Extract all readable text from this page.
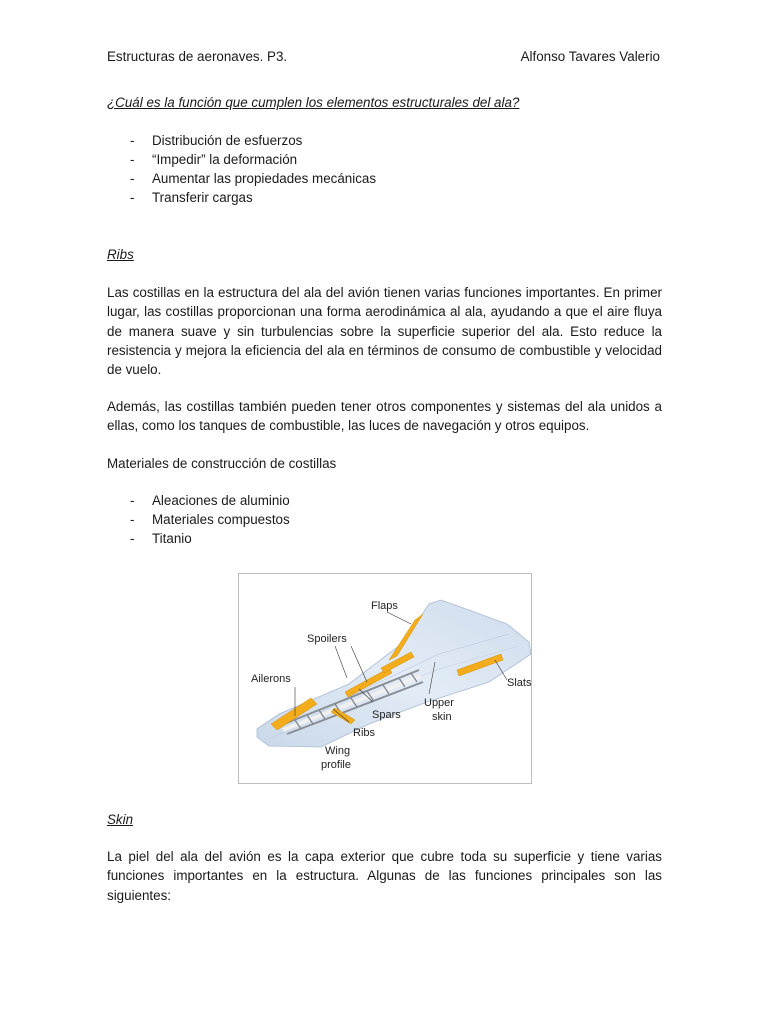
Estructuras de aeronaves. P3.	Alfonso Tavares Valerio
¿Cuál es la función que cumplen los elementos estructurales del ala?
- Distribución de esfuerzos
- “Impedir” la deformación
- Aumentar las propiedades mecánicas
- Transferir cargas
Ribs

Las costillas en la estructura del ala del avión tienen varias funciones importantes. En primer lugar, las costillas proporcionan una forma aerodinámica al ala, ayudando a que el aire fluya de manera suave y sin turbulencias sobre la superficie superior del ala. Esto reduce la resistencia y mejora la eficiencia del ala en términos de consumo de combustible y velocidad de vuelo.

Además, las costillas también pueden tener otros componentes y sistemas del ala unidos a ellas, como los tanques de combustible, las luces de navegación y otros equipos.

Materiales de construcción de costillas
- Aleaciones de aluminio
- Materiales compuestos
- Titanio
Flaps
Spoilers
Ailerons	Slats
Upper
skin
Spars
Ribs
Wing
profile
Skin

La piel del ala del avión es la capa exterior que cubre toda su superficie y tiene varias funciones importantes en la estructura. Algunas de las funciones principales son las siguientes:
